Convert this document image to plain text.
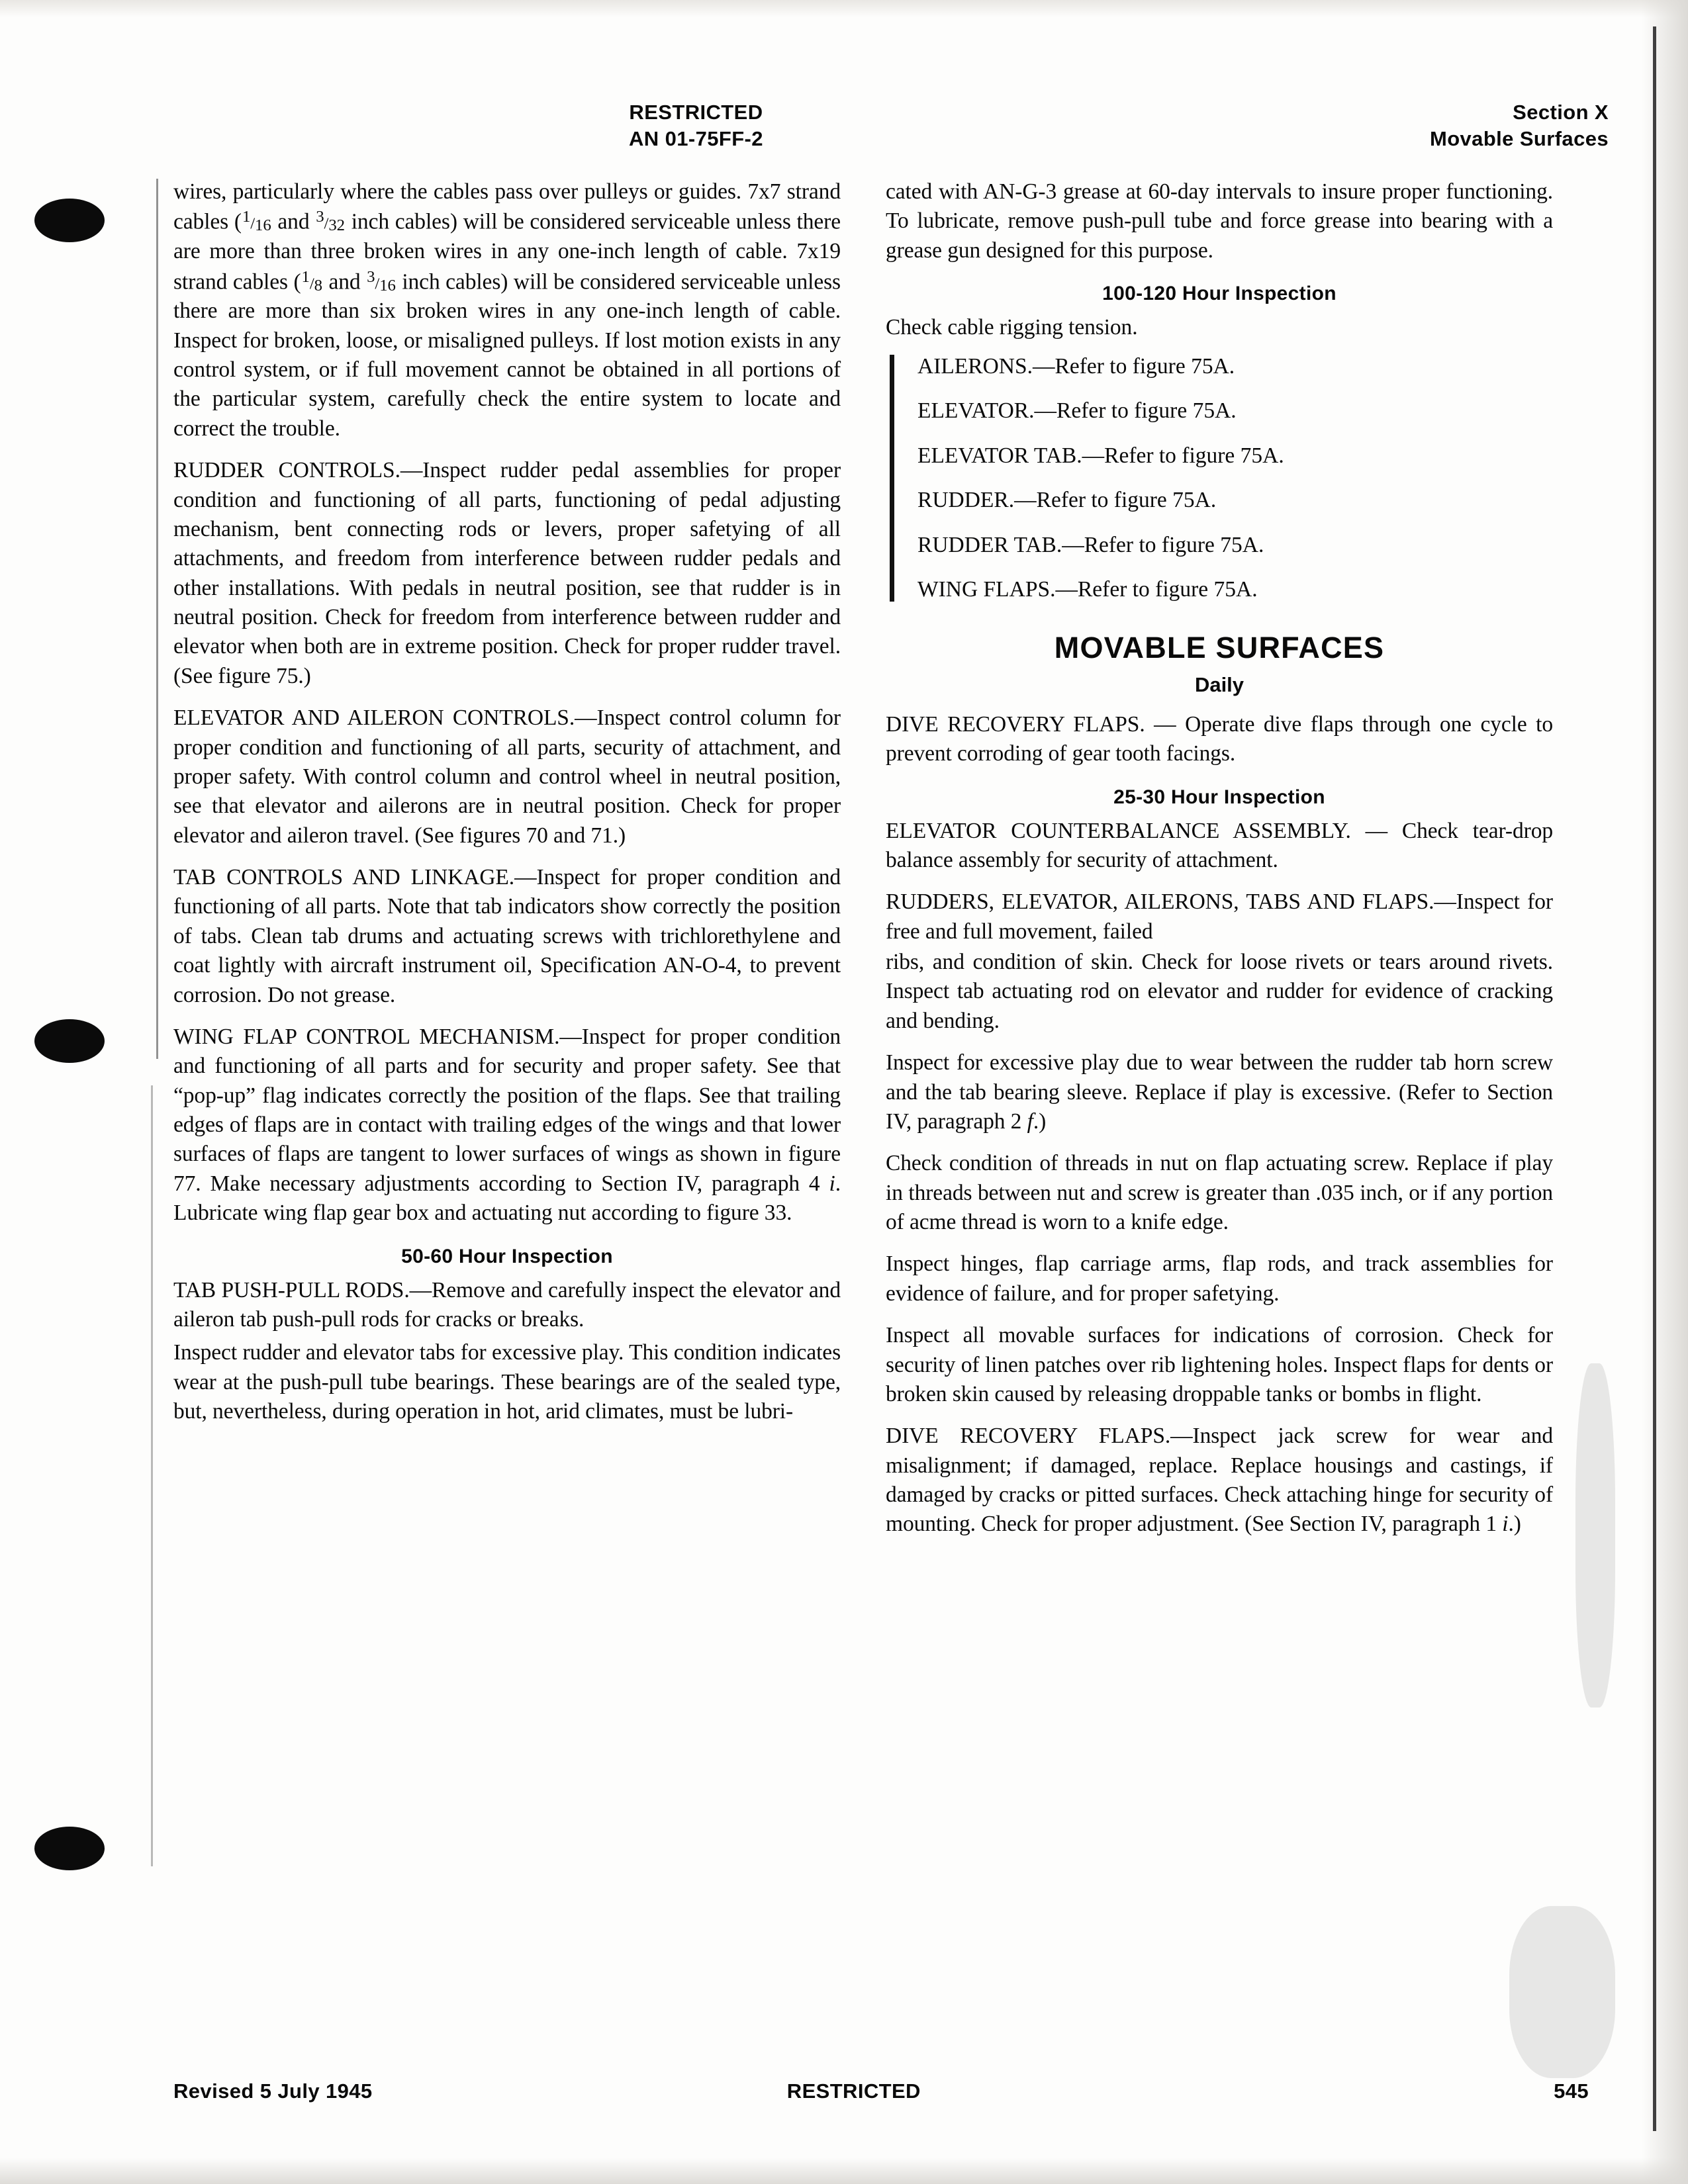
RESTRICTED
AN 01-75FF-2
Section X
Movable Surfaces

wires, particularly where the cables pass over pulleys or guides. 7x7 strand cables (1/16 and 3/32 inch cables) will be considered serviceable unless there are more than three broken wires in any one-inch length of cable. 7x19 strand cables (1/8 and 3/16 inch cables) will be considered serviceable unless there are more than six broken wires in any one-inch length of cable. Inspect for broken, loose, or misaligned pulleys. If lost motion exists in any control system, or if full movement cannot be obtained in all portions of the particular system, carefully check the entire system to locate and correct the trouble.

RUDDER CONTROLS.—Inspect rudder pedal assemblies for proper condition and functioning of all parts, functioning of pedal adjusting mechanism, bent connecting rods or levers, proper safetying of all attachments, and freedom from interference between rudder pedals and other installations. With pedals in neutral position, see that rudder is in neutral position. Check for freedom from interference between rudder and elevator when both are in extreme position. Check for proper rudder travel. (See figure 75.)

ELEVATOR AND AILERON CONTROLS.—Inspect control column for proper condition and functioning of all parts, security of attachment, and proper safety. With control column and control wheel in neutral position, see that elevator and ailerons are in neutral position. Check for proper elevator and aileron travel. (See figures 70 and 71.)

TAB CONTROLS AND LINKAGE.—Inspect for proper condition and functioning of all parts. Note that tab indicators show correctly the position of tabs. Clean tab drums and actuating screws with trichlorethylene and coat lightly with aircraft instrument oil, Specification AN-O-4, to prevent corrosion. Do not grease.

WING FLAP CONTROL MECHANISM.—Inspect for proper condition and functioning of all parts and for security and proper safety. See that “pop-up” flag indicates correctly the position of the flaps. See that trailing edges of flaps are in contact with trailing edges of the wings and that lower surfaces of flaps are tangent to lower surfaces of wings as shown in figure 77. Make necessary adjustments according to Section IV, paragraph 4 i. Lubricate wing flap gear box and actuating nut according to figure 33.

50-60 Hour Inspection

TAB PUSH-PULL RODS.—Remove and carefully inspect the elevator and aileron tab push-pull rods for cracks or breaks.

Inspect rudder and elevator tabs for excessive play. This condition indicates wear at the push-pull tube bearings. These bearings are of the sealed type, but, nevertheless, during operation in hot, arid climates, must be lubri-

cated with AN-G-3 grease at 60-day intervals to insure proper functioning. To lubricate, remove push-pull tube and force grease into bearing with a grease gun designed for this purpose.

100-120 Hour Inspection

Check cable rigging tension.

AILERONS.—Refer to figure 75A.
ELEVATOR.—Refer to figure 75A.
ELEVATOR TAB.—Refer to figure 75A.
RUDDER.—Refer to figure 75A.
RUDDER TAB.—Refer to figure 75A.
WING FLAPS.—Refer to figure 75A.
MOVABLE SURFACES
Daily

DIVE RECOVERY FLAPS. — Operate dive flaps through one cycle to prevent corroding of gear tooth facings.

25-30 Hour Inspection

ELEVATOR COUNTERBALANCE ASSEMBLY. — Check tear-drop balance assembly for security of attachment.

RUDDERS, ELEVATOR, AILERONS, TABS AND FLAPS.—Inspect for free and full movement, failed

ribs, and condition of skin. Check for loose rivets or tears around rivets. Inspect tab actuating rod on elevator and rudder for evidence of cracking and bending.

Inspect for excessive play due to wear between the rudder tab horn screw and the tab bearing sleeve. Replace if play is excessive. (Refer to Section IV, paragraph 2 f.)

Check condition of threads in nut on flap actuating screw. Replace if play in threads between nut and screw is greater than .035 inch, or if any portion of acme thread is worn to a knife edge.

Inspect hinges, flap carriage arms, flap rods, and track assemblies for evidence of failure, and for proper safetying.

Inspect all movable surfaces for indications of corrosion. Check for security of linen patches over rib lightening holes. Inspect flaps for dents or broken skin caused by releasing droppable tanks or bombs in flight.

DIVE RECOVERY FLAPS.—Inspect jack screw for wear and misalignment; if damaged, replace. Replace housings and castings, if damaged by cracks or pitted surfaces. Check attaching hinge for security of mounting. Check for proper adjustment. (See Section IV, paragraph 1 i.)

Revised 5 July 1945	RESTRICTED	545
